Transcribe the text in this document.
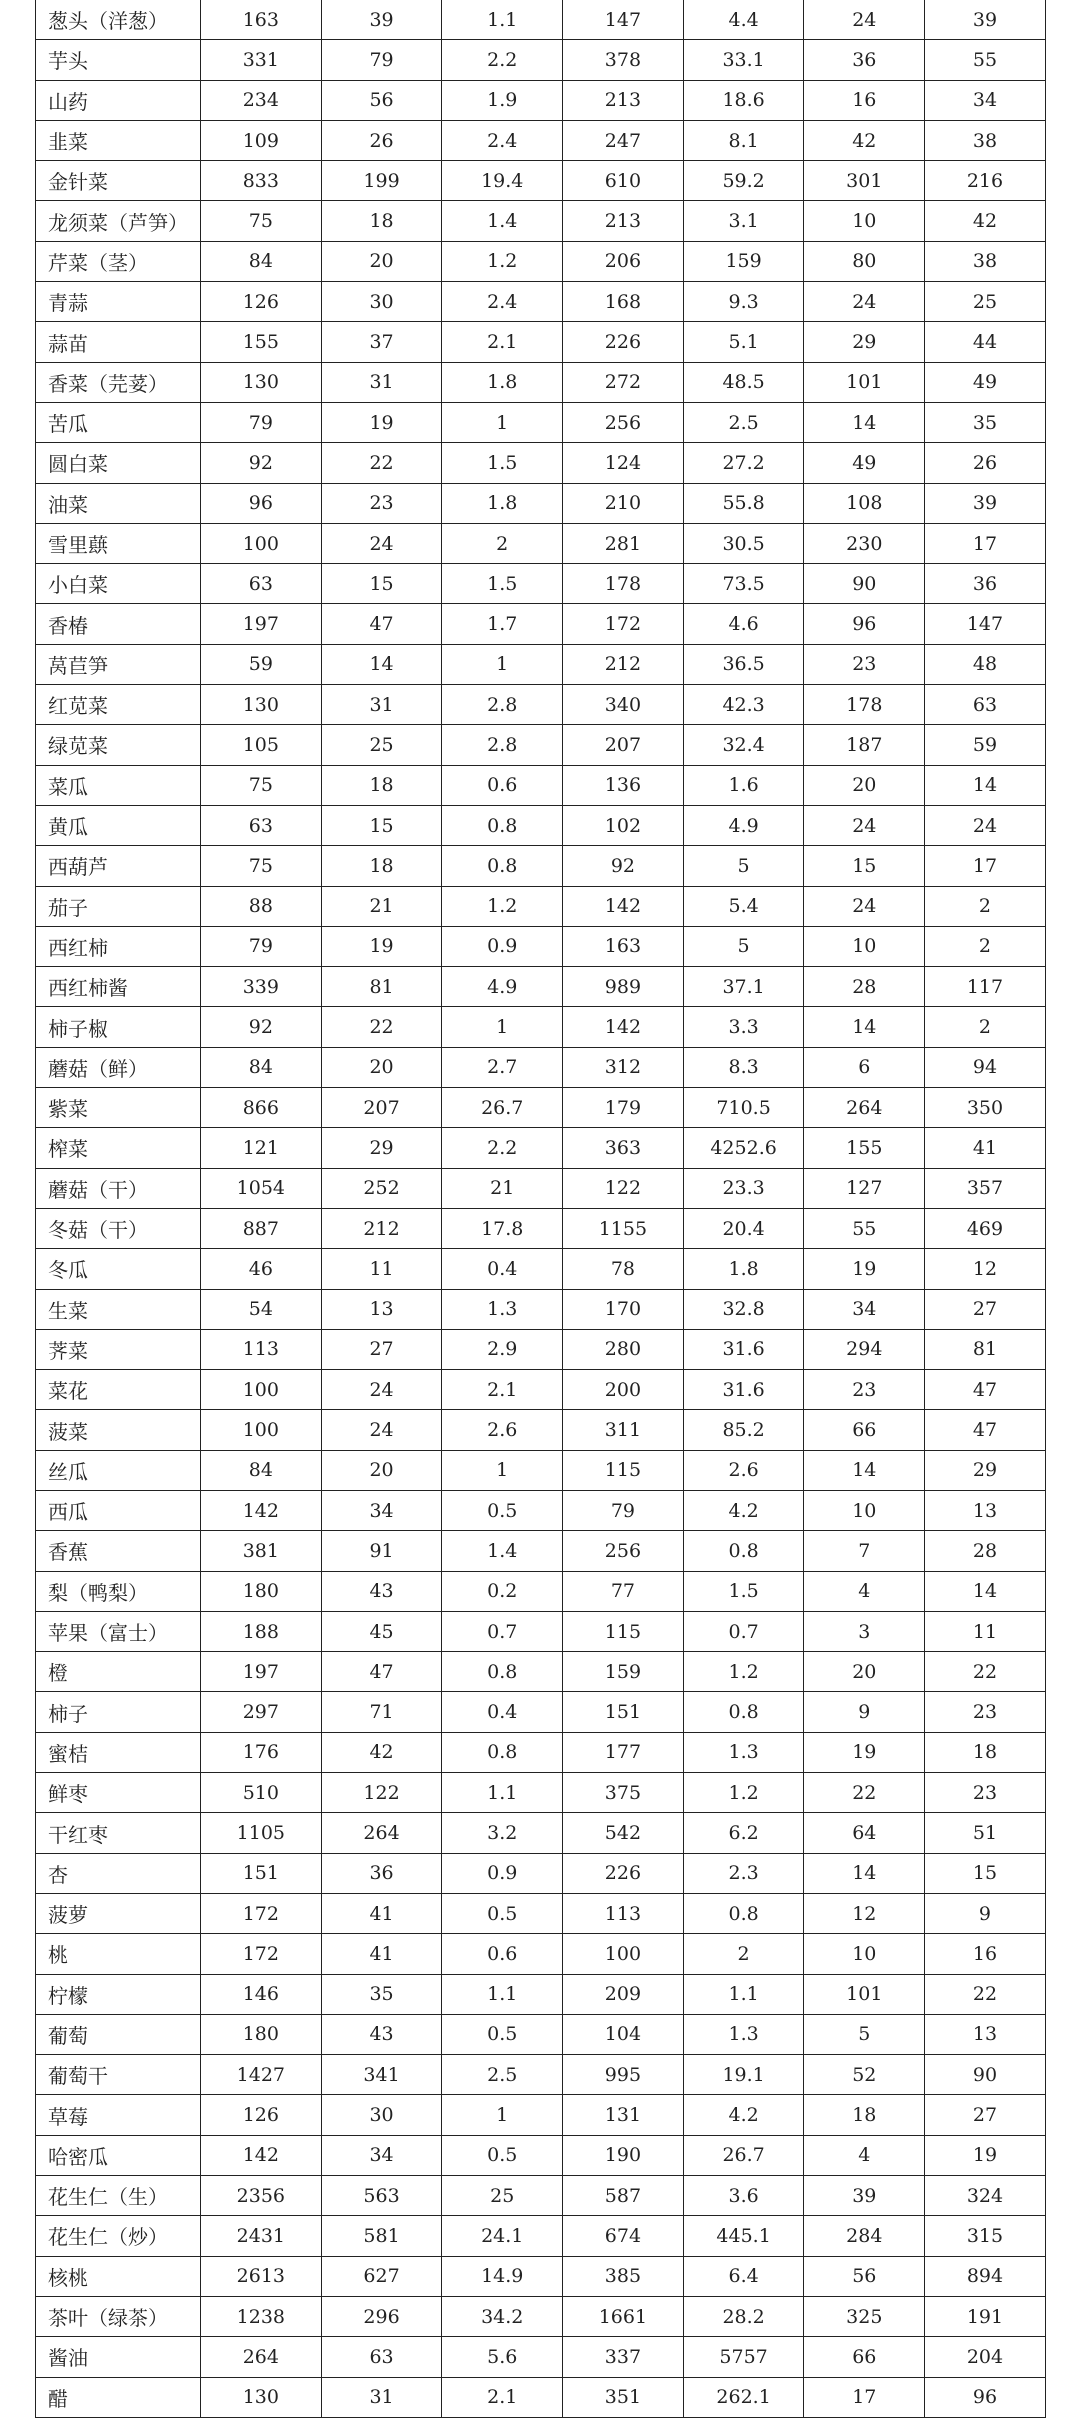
葱头（洋葱）	163	39	1.1	147	4.4	24	39
芋头	331	79	2.2	378	33.1	36	55
山药	234	56	1.9	213	18.6	16	34
韭菜	109	26	2.4	247	8.1	42	38
金针菜	833	199	19.4	610	59.2	301	216
龙须菜（芦笋）	75	18	1.4	213	3.1	10	42
芹菜（茎）	84	20	1.2	206	159	80	38
青蒜	126	30	2.4	168	9.3	24	25
蒜苗	155	37	2.1	226	5.1	29	44
香菜（芫荽）	130	31	1.8	272	48.5	101	49
苦瓜	79	19	1	256	2.5	14	35
圆白菜	92	22	1.5	124	27.2	49	26
油菜	96	23	1.8	210	55.8	108	39
雪里蕻	100	24	2	281	30.5	230	17
小白菜	63	15	1.5	178	73.5	90	36
香椿	197	47	1.7	172	4.6	96	147
莴苣笋	59	14	1	212	36.5	23	48
红苋菜	130	31	2.8	340	42.3	178	63
绿苋菜	105	25	2.8	207	32.4	187	59
菜瓜	75	18	0.6	136	1.6	20	14
黄瓜	63	15	0.8	102	4.9	24	24
西葫芦	75	18	0.8	92	5	15	17
茄子	88	21	1.2	142	5.4	24	2
西红柿	79	19	0.9	163	5	10	2
西红柿酱	339	81	4.9	989	37.1	28	117
柿子椒	92	22	1	142	3.3	14	2
蘑菇（鲜）	84	20	2.7	312	8.3	6	94
紫菜	866	207	26.7	179	710.5	264	350
榨菜	121	29	2.2	363	4252.6	155	41
蘑菇（干）	1054	252	21	122	23.3	127	357
冬菇（干）	887	212	17.8	1155	20.4	55	469
冬瓜	46	11	0.4	78	1.8	19	12
生菜	54	13	1.3	170	32.8	34	27
荠菜	113	27	2.9	280	31.6	294	81
菜花	100	24	2.1	200	31.6	23	47
菠菜	100	24	2.6	311	85.2	66	47
丝瓜	84	20	1	115	2.6	14	29
西瓜	142	34	0.5	79	4.2	10	13
香蕉	381	91	1.4	256	0.8	7	28
梨（鸭梨）	180	43	0.2	77	1.5	4	14
苹果（富士）	188	45	0.7	115	0.7	3	11
橙	197	47	0.8	159	1.2	20	22
柿子	297	71	0.4	151	0.8	9	23
蜜桔	176	42	0.8	177	1.3	19	18
鲜枣	510	122	1.1	375	1.2	22	23
干红枣	1105	264	3.2	542	6.2	64	51
杏	151	36	0.9	226	2.3	14	15
菠萝	172	41	0.5	113	0.8	12	9
桃	172	41	0.6	100	2	10	16
柠檬	146	35	1.1	209	1.1	101	22
葡萄	180	43	0.5	104	1.3	5	13
葡萄干	1427	341	2.5	995	19.1	52	90
草莓	126	30	1	131	4.2	18	27
哈密瓜	142	34	0.5	190	26.7	4	19
花生仁（生）	2356	563	25	587	3.6	39	324
花生仁（炒）	2431	581	24.1	674	445.1	284	315
核桃	2613	627	14.9	385	6.4	56	894
茶叶（绿茶）	1238	296	34.2	1661	28.2	325	191
酱油	264	63	5.6	337	5757	66	204
醋	130	31	2.1	351	262.1	17	96
